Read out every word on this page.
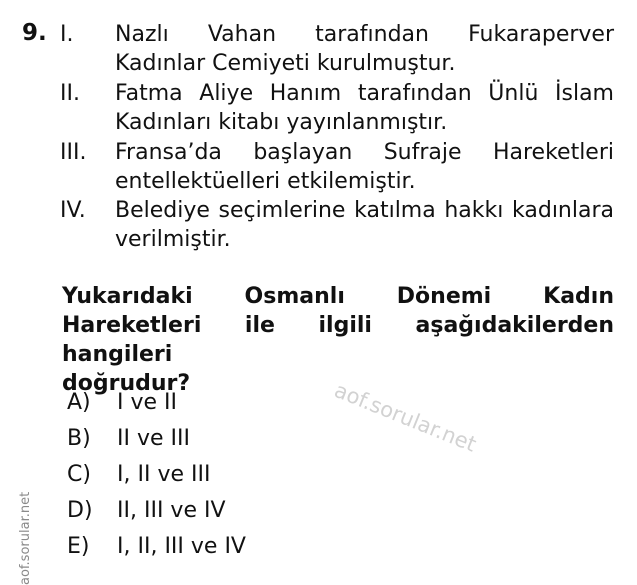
9. I. Nazlı Vahan tarafından Fukaraperver
Kadınlar Cemiyeti kurulmuştur.
II. Fatma Aliye Hanım tarafından Ünlü İslam
Kadınları kitabı yayınlanmıştır.
III. Fransa’da başlayan Sufraje Hareketleri
entellektüelleri etkilemiştir.
IV. Belediye seçimlerine katılma hakkı kadınlara
verilmiştir.
Yukarıdaki Osmanlı Dönemi Kadın
Hareketleri ile ilgili aşağıdakilerden hangileri
doğrudur?	aof.sorular.net
A) I ve II
B) II ve III
C) I, II ve III
D) II, III ve IV
E) I, II, III ve IV
aof.sorular.net
